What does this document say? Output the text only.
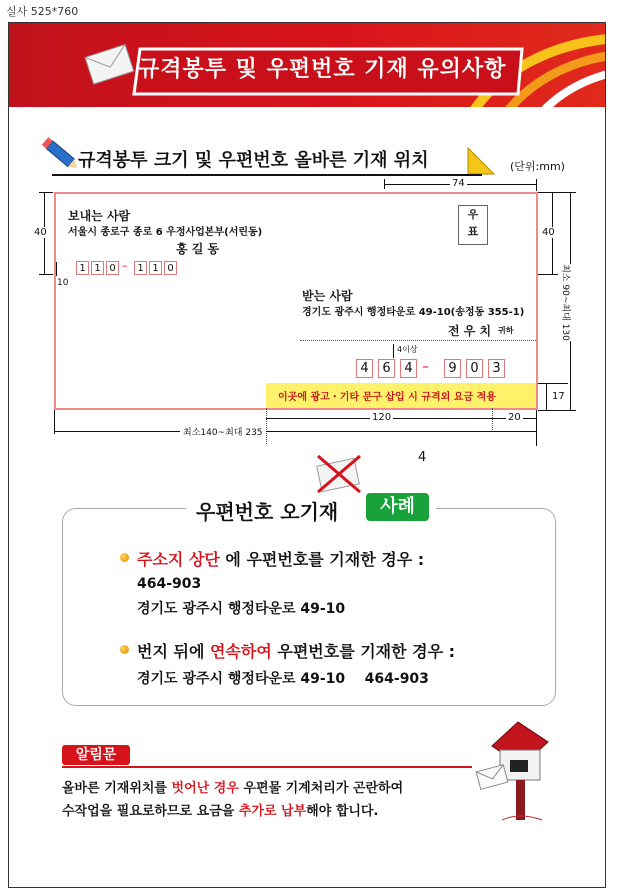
실사 525*760
규격봉투 및 우편번호 기재 유의사항
규격봉투 크기 및 우편번호 올바른 기재 위치	(단위:mm)
이곳에 광고・기타 문구 삽입 시 규격외 요금 적용
보내는 사람
서울시 종로구 종로 6 우정사업본부(서린동)
홍 길 동
1 1 0 – 1 1 0
우
표
받는 사람
경기도 광주시 행정타운로 49-10(송정동 355-1)
전 우 치 귀하
4이상
4	6	4 –	9	0	3
74
40	40
10	최소 90~최대 130
17
120	20
최소140~최대 235
4
우편번호 오기재	사례
주소지 상단 에 우편번호를 기재한 경우 :
464-903
경기도 광주시 행정타운로 49-10
번지 뒤에 연속하여 우편번호를 기재한 경우 :
경기도 광주시 행정타운로 49-10    464-903
알림문
올바른 기재위치를 벗어난 경우 우편물 기계처리가 곤란하여
수작업을 필요로하므로 요금을 추가로 납부해야 합니다.
